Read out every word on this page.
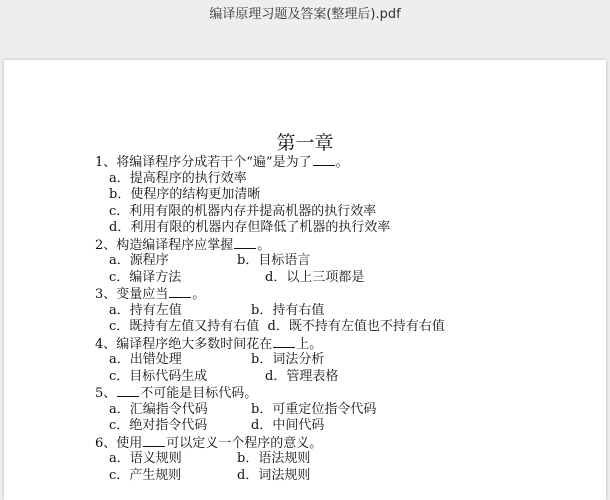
编译原理习题及答案(整理后).pdf
第一章
1、将编译程序分成若干个“遍”是为了 。
a．提高程序的执行效率
b．使程序的结构更加清晰
c．利用有限的机器内存并提高机器的执行效率
d．利用有限的机器内存但降低了机器的执行效率
2、构造编译程序应掌握 。
a．源程序	b．目标语言
c．编译方法	d．以上三项都是
3、变量应当 。
a．持有左值	b．持有右值
c．既持有左值又持有右值 d．既不持有左值也不持有右值
4、编译程序绝大多数时间花在 上。
a．出错处理	b．词法分析
c．目标代码生成	d．管理表格
5、 不可能是目标代码。
a．汇编指令代码	b．可重定位指令代码
c．绝对指令代码	d．中间代码
6、使用 可以定义一个程序的意义。
a．语义规则	b．语法规则
c．产生规则	d．词法规则
